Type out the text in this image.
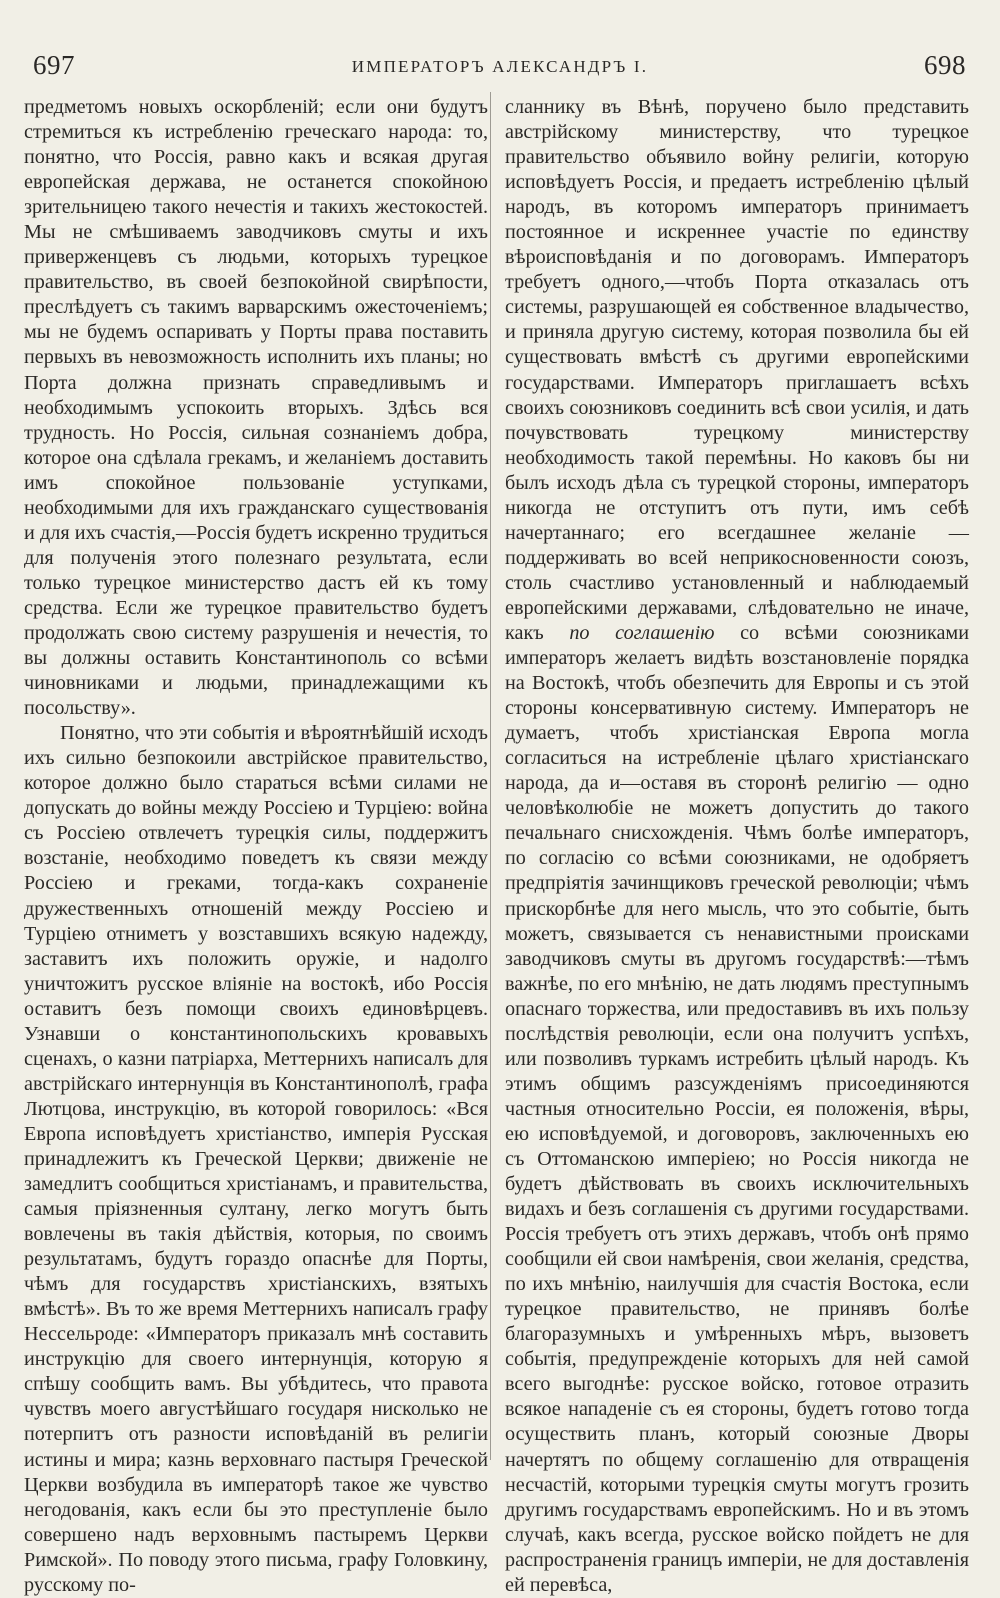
697	ИМПЕРАТОРЪ АЛЕКСАНДРЪ I.	698

предметомъ новыхъ оскорбленій; если они будутъ стремиться къ истребленію греческаго народа: то, понятно, что Россія, равно какъ и всякая другая европейская держава, не останется спокойною зрительницею такого нечестія и такихъ жестокостей. Мы не смѣшиваемъ заводчиковъ смуты и ихъ приверженцевъ съ людьми, которыхъ турецкое правительство, въ своей безпокойной свирѣпости, преслѣдуетъ съ такимъ варварскимъ ожесточеніемъ; мы не будемъ оспаривать у Порты права поставить первыхъ въ невозможность исполнить ихъ планы; но Порта должна признать справедливымъ и необходимымъ успокоить вторыхъ. Здѣсь вся трудность. Но Россія, сильная сознаніемъ добра, которое она сдѣлала грекамъ, и желаніемъ доставить имъ спокойное пользованіе уступками, необходимыми для ихъ гражданскаго существованія и для ихъ счастія,—Россія будетъ искренно трудиться для полученія этого полезнаго результата, если только турецкое министерство дастъ ей къ тому средства. Если же турецкое правительство будетъ продолжать свою систему разрушенія и нечестія, то вы должны оставить Константинополь со всѣми чиновниками и людьми, принадлежащими къ посольству».

Понятно, что эти событія и вѣроятнѣйшій исходъ ихъ сильно безпокоили австрійское правительство, которое должно было стараться всѣми силами не допускать до войны между Россіею и Турціею: война съ Россіею отвлечетъ турецкія силы, поддержитъ возстаніе, необходимо поведетъ къ связи между Россіею и греками, тогда-какъ сохраненіе дружественныхъ отношеній между Россіею и Турціею отниметъ у возставшихъ всякую надежду, заставитъ ихъ положить оружіе, и надолго уничтожитъ русское вліяніе на востокѣ, ибо Россія оставитъ безъ помощи своихъ единовѣрцевъ. Узнавши о константинопольскихъ кровавыхъ сценахъ, о казни патріарха, Меттернихъ написалъ для австрійскаго интернунція въ Константинополѣ, графа Лютцова, инструкцію, въ которой говорилось: «Вся Европа исповѣдуетъ христіанство, имперія Русская принадлежитъ къ Греческой Церкви; движеніе не замедлитъ сообщиться христіанамъ, и правительства, самыя пріязненныя султану, легко могутъ быть вовлечены въ такія дѣйствія, которыя, по своимъ результатамъ, будутъ гораздо опаснѣе для Порты, чѣмъ для государствъ христіанскихъ, взятыхъ вмѣстѣ». Въ то же время Меттернихъ написалъ графу Нессельроде: «Императоръ приказалъ мнѣ составить инструкцію для своего интернунція, которую я спѣшу сообщить вамъ. Вы убѣдитесь, что правота чувствъ моего августѣйшаго государя нисколько не потерпитъ отъ разности исповѣданій въ религіи истины и мира; казнь верховнаго пастыря Греческой Церкви возбудила въ императорѣ такое же чувство негодованія, какъ если бы это преступленіе было совершено надъ верховнымъ пастыремъ Церкви Римской». По поводу этого письма, графу Головкину, русскому по-

сланнику въ Вѣнѣ, поручено было представить австрійскому министерству, что турецкое правительство объявило войну религіи, которую исповѣдуетъ Россія, и предаетъ истребленію цѣлый народъ, въ которомъ императоръ принимаетъ постоянное и искреннее участіе по единству вѣроисповѣданія и по договорамъ. Императоръ требуетъ одного,—чтобъ Порта отказалась отъ системы, разрушающей ея собственное владычество, и приняла другую систему, которая позволила бы ей существовать вмѣстѣ съ другими европейскими государствами. Императоръ приглашаетъ всѣхъ своихъ союзниковъ соединить всѣ свои усилія, и дать почувствовать турецкому министерству необходимость такой перемѣны. Но каковъ бы ни былъ исходъ дѣла съ турецкой стороны, императоръ никогда не отступитъ отъ пути, имъ себѣ начертаннаго; его всегдашнее желаніе — поддерживать во всей неприкосновенности союзъ, столь счастливо установленный и наблюдаемый европейскими державами, слѣдовательно не иначе, какъ по соглашенію со всѣми союзниками императоръ желаетъ видѣть возстановленіе порядка на Востокѣ, чтобъ обезпечить для Европы и съ этой стороны консервативную систему. Императоръ не думаетъ, чтобъ христіанская Европа могла согласиться на истребленіе цѣлаго христіанскаго народа, да и—оставя въ сторонѣ религію — одно человѣколюбіе не можетъ допустить до такого печальнаго снисхожденія. Чѣмъ болѣе императоръ, по согласію со всѣми союзниками, не одобряетъ предпріятія зачинщиковъ греческой революціи; чѣмъ прискорбнѣе для него мысль, что это событіе, быть можетъ, связывается съ ненавистными происками заводчиковъ смуты въ другомъ государствѣ:—тѣмъ важнѣе, по его мнѣнію, не дать людямъ преступнымъ опаснаго торжества, или предоставивъ въ ихъ пользу послѣдствія революціи, если она получитъ успѣхъ, или позволивъ туркамъ истребить цѣлый народъ. Къ этимъ общимъ разсужденіямъ присоединяются частныя относительно Россіи, ея положенія, вѣры, ею исповѣдуемой, и договоровъ, заключенныхъ ею съ Оттоманскою имперіею; но Россія никогда не будетъ дѣйствовать въ своихъ исключительныхъ видахъ и безъ соглашенія съ другими государствами. Россія требуетъ отъ этихъ державъ, чтобъ онѣ прямо сообщили ей свои намѣренія, свои желанія, средства, по ихъ мнѣнію, наилучшія для счастія Востока, если турецкое правительство, не принявъ болѣе благоразумныхъ и умѣренныхъ мѣръ, вызоветъ событія, предупрежденіе которыхъ для ней самой всего выгоднѣе: русское войско, готовое отразить всякое нападеніе съ ея стороны, будетъ готово тогда осуществить планъ, который союзные Дворы начертятъ по общему соглашенію для отвращенія несчастій, которыми турецкія смуты могутъ грозить другимъ государствамъ европейскимъ. Но и въ этомъ случаѣ, какъ всегда, русское войско пойдетъ не для распространенія границъ имперіи, не для доставленія ей перевѣса,
